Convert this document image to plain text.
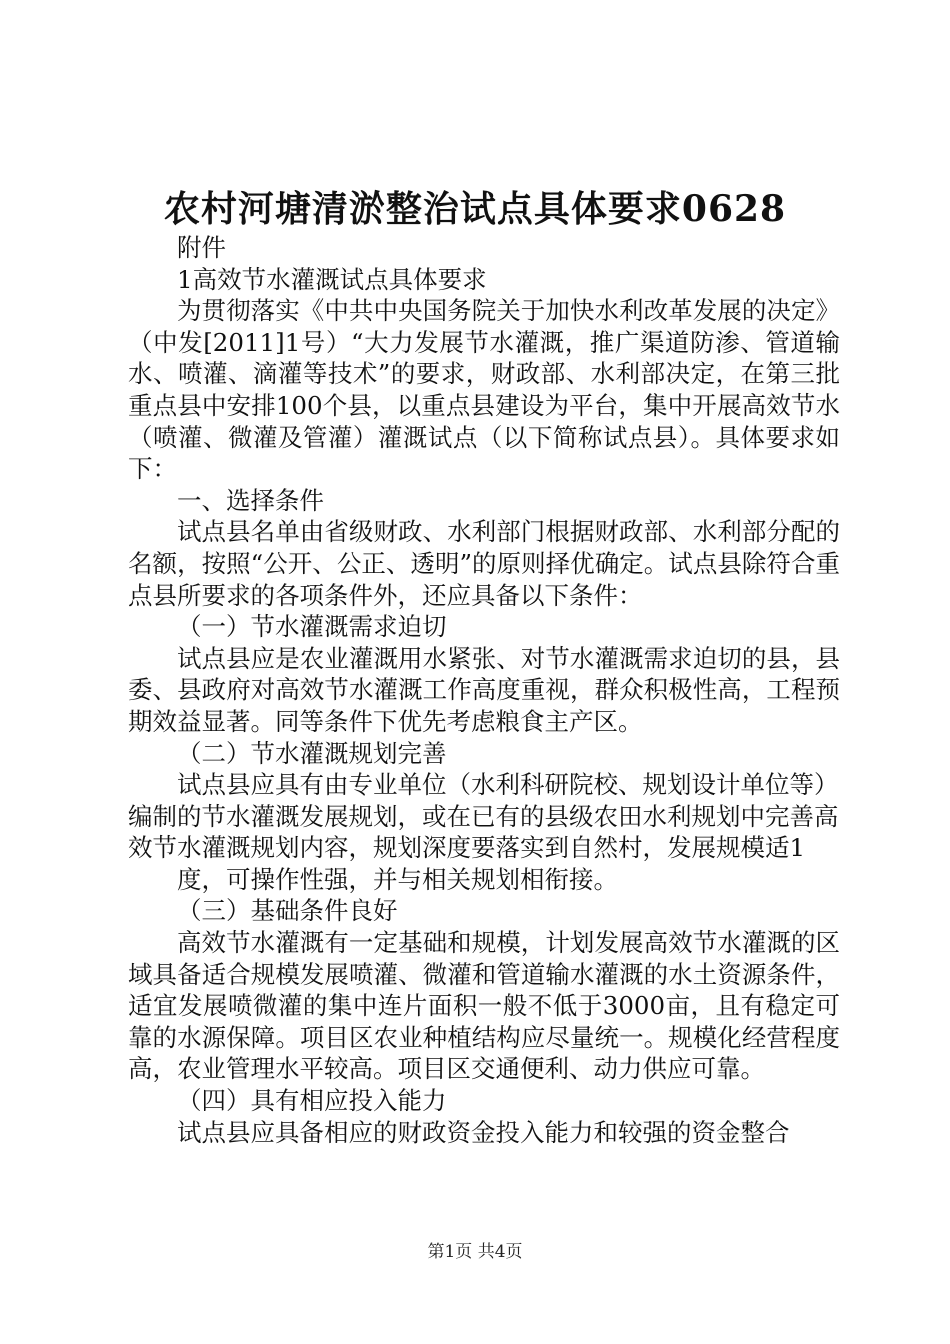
农村河塘清淤整治试点具体要求0628

附件

1高效节水灌溉试点具体要求

为贯彻落实《中共中央国务院关于加快水利改革发展的决定》（中发[2011]1号）“大力发展节水灌溉，推广渠道防渗、管道输水、喷灌、滴灌等技术”的要求，财政部、水利部决定，在第三批重点县中安排100个县，以重点县建设为平台，集中开展高效节水（喷灌、微灌及管灌）灌溉试点（以下简称试点县）。具体要求如下：

一、选择条件

试点县名单由省级财政、水利部门根据财政部、水利部分配的名额，按照“公开、公正、透明”的原则择优确定。试点县除符合重点县所要求的各项条件外，还应具备以下条件：

（一）节水灌溉需求迫切

试点县应是农业灌溉用水紧张、对节水灌溉需求迫切的县，县委、县政府对高效节水灌溉工作高度重视，群众积极性高，工程预期效益显著。同等条件下优先考虑粮食主产区。

（二）节水灌溉规划完善

试点县应具有由专业单位（水利科研院校、规划设计单位等）编制的节水灌溉发展规划，或在已有的县级农田水利规划中完善高效节水灌溉规划内容，规划深度要落实到自然村，发展规模适1

度，可操作性强，并与相关规划相衔接。

（三）基础条件良好

高效节水灌溉有一定基础和规模，计划发展高效节水灌溉的区域具备适合规模发展喷灌、微灌和管道输水灌溉的水土资源条件，适宜发展喷微灌的集中连片面积一般不低于3000亩，且有稳定可靠的水源保障。项目区农业种植结构应尽量统一。规模化经营程度高，农业管理水平较高。项目区交通便利、动力供应可靠。

（四）具有相应投入能力

试点县应具备相应的财政资金投入能力和较强的资金整合

第1页 共4页
